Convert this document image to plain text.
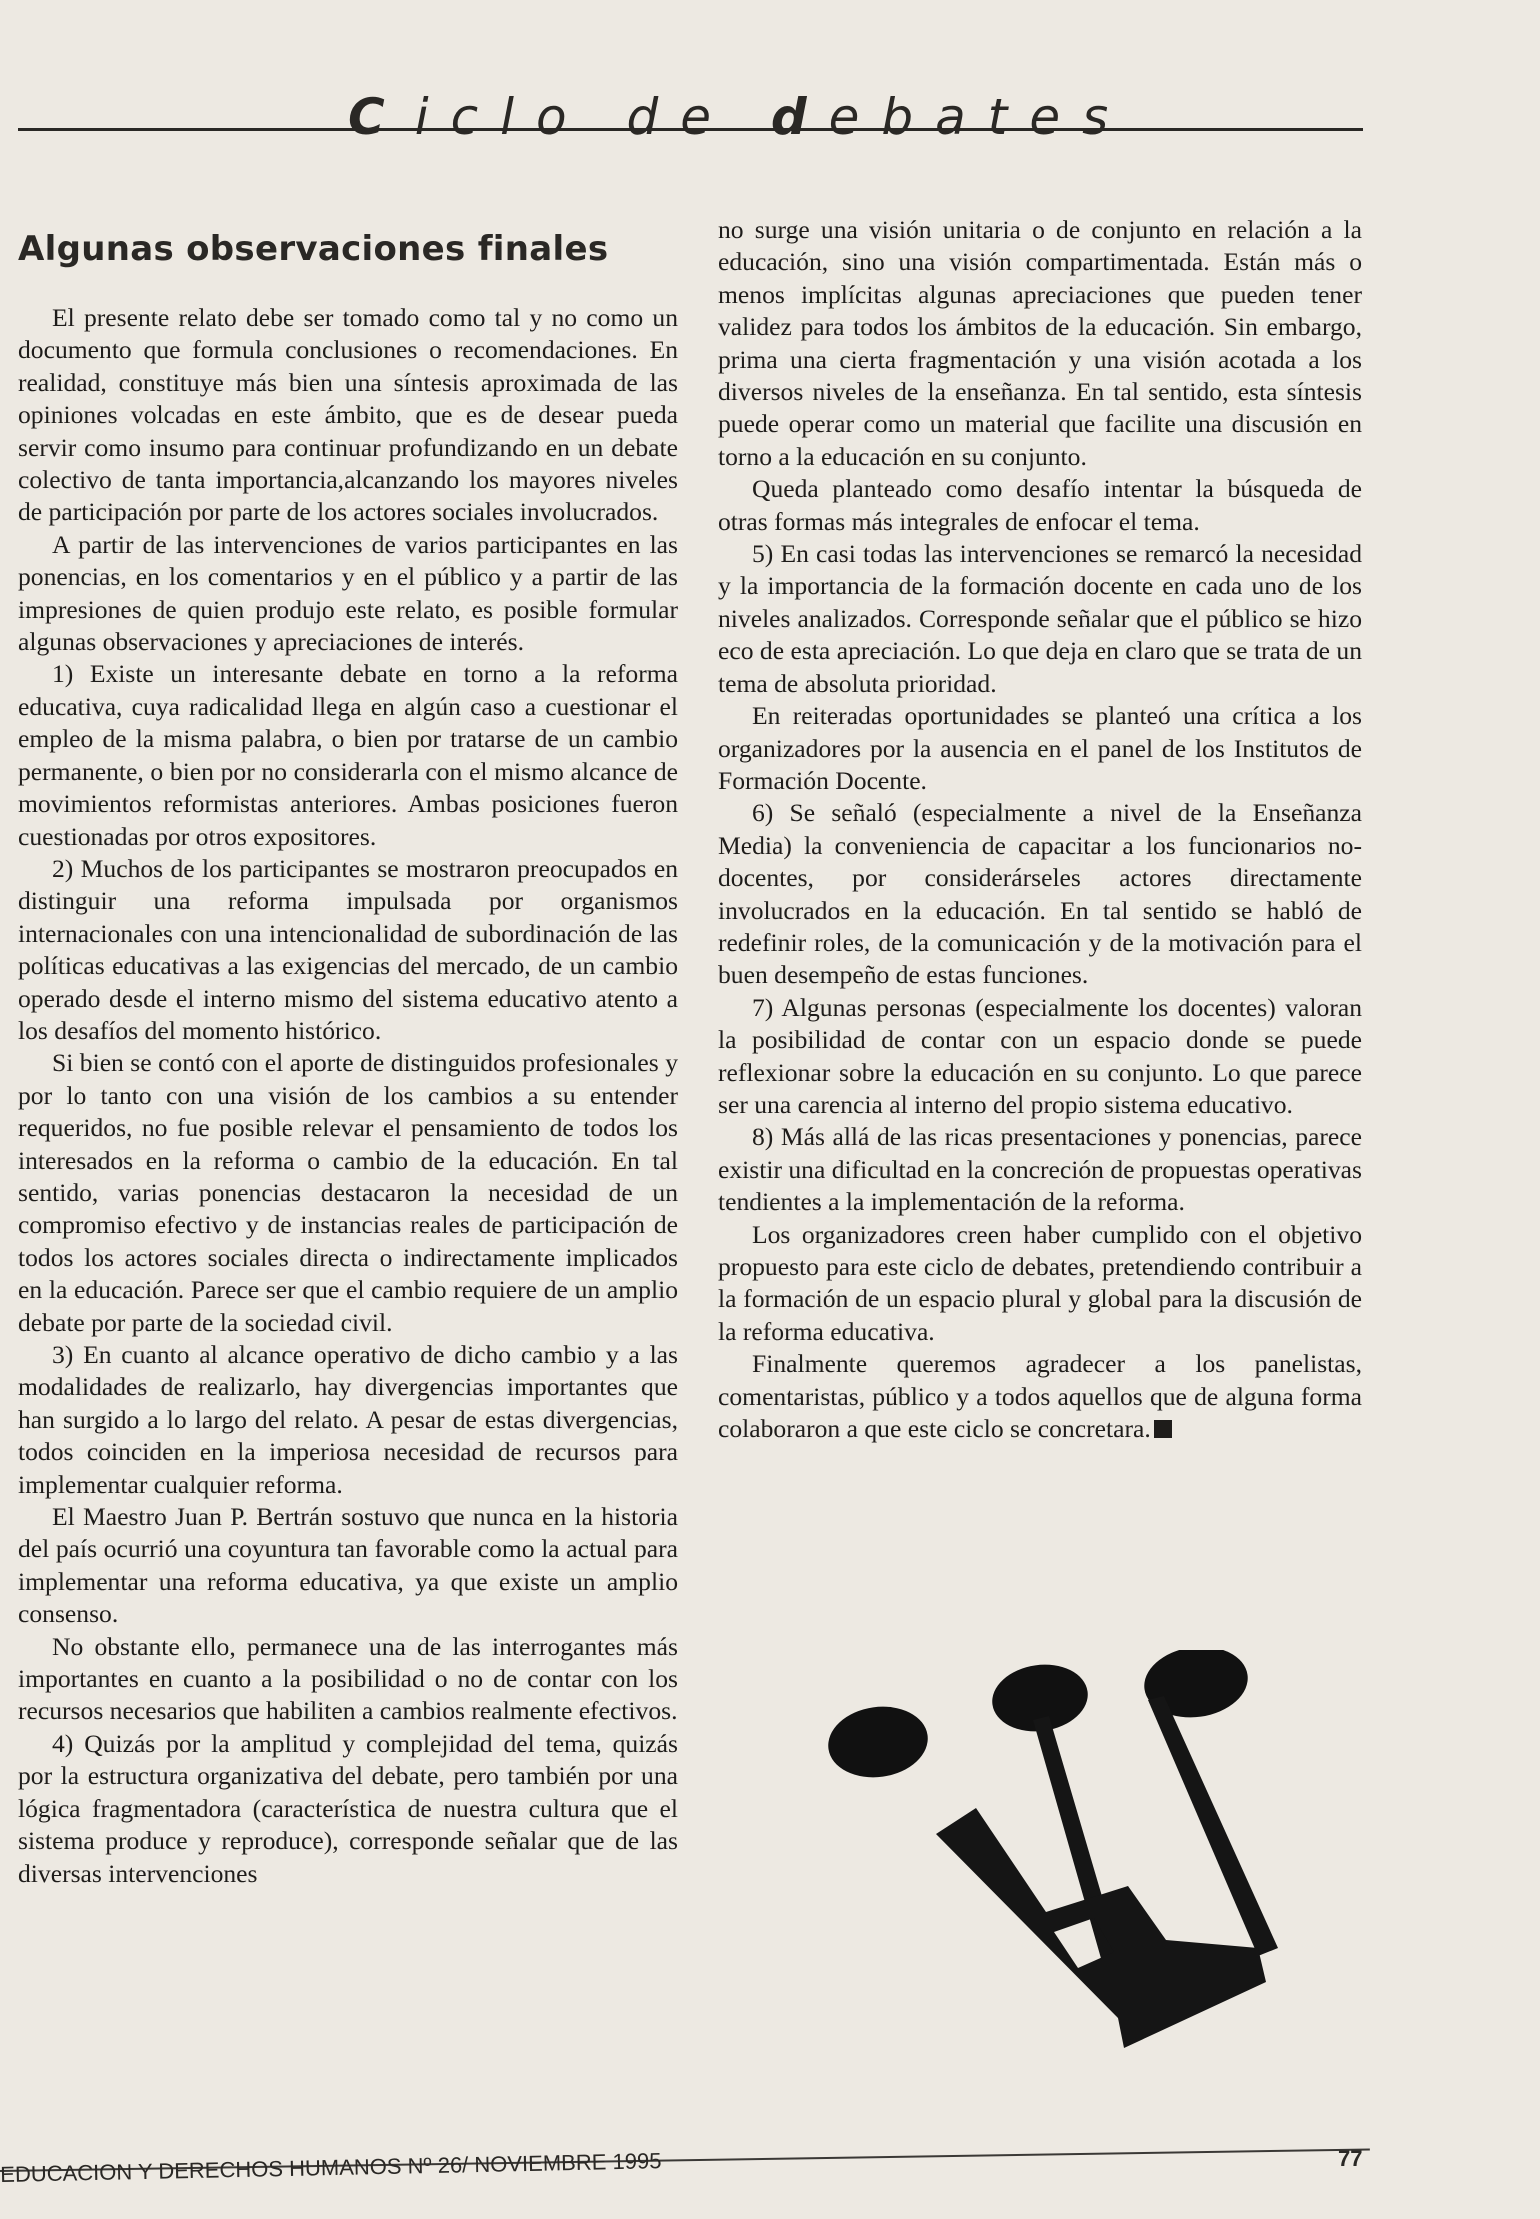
Ciclo de debates
Algunas observaciones finales

El presente relato debe ser tomado como tal y no como un documento que formula conclusiones o recomendaciones. En realidad, constituye más bien una síntesis aproximada de las opiniones volcadas en este ámbito, que es de desear pueda servir como insumo para continuar profundizando en un debate colectivo de tanta importancia,alcanzando los mayores niveles de participación por parte de los actores sociales involucrados.

A partir de las intervenciones de varios participantes en las ponencias, en los comentarios y en el público y a partir de las impresiones de quien produjo este relato, es posible formular algunas observaciones y apreciaciones de interés.

1) Existe un interesante debate en torno a la reforma educativa, cuya radicalidad llega en algún caso a cuestionar el empleo de la misma palabra, o bien por tratarse de un cambio permanente, o bien por no considerarla con el mismo alcance de movimientos reformistas anteriores. Ambas posiciones fueron cuestionadas por otros expositores.

2) Muchos de los participantes se mostraron preocupados en distinguir una reforma impulsada por organismos internacionales con una intencionalidad de subordinación de las políticas educativas a las exigencias del mercado, de un cambio operado desde el interno mismo del sistema educativo atento a los desafíos del momento histórico.

Si bien se contó con el aporte de distinguidos profesionales y por lo tanto con una visión de los cambios a su entender requeridos, no fue posible relevar el pensamiento de todos los interesados en la reforma o cambio de la educación. En tal sentido, varias ponencias destacaron la necesidad de un compromiso efectivo y de instancias reales de participación de todos los actores sociales directa o indirectamente implicados en la educación. Parece ser que el cambio requiere de un amplio debate por parte de la sociedad civil.

3) En cuanto al alcance operativo de dicho cambio y a las modalidades de realizarlo, hay divergencias importantes que han surgido a lo largo del relato. A pesar de estas divergencias, todos coinciden en la imperiosa necesidad de recursos para implementar cualquier reforma.

El Maestro Juan P. Bertrán sostuvo que nunca en la historia del país ocurrió una coyuntura tan favorable como la actual para implementar una reforma educativa, ya que existe un amplio consenso.

No obstante ello, permanece una de las interrogantes más importantes en cuanto a la posibilidad o no de contar con los recursos necesarios que habiliten a cambios realmente efectivos.

4) Quizás por la amplitud y complejidad del tema, quizás por la estructura organizativa del debate, pero también por una lógica fragmentadora (característica de nuestra cultura que el sistema produce y reproduce), corresponde señalar que de las diversas intervenciones

no surge una visión unitaria o de conjunto en relación a la educación, sino una visión compartimentada. Están más o menos implícitas algunas apreciaciones que pueden tener validez para todos los ámbitos de la educación. Sin embargo, prima una cierta fragmentación y una visión acotada a los diversos niveles de la enseñanza. En tal sentido, esta síntesis puede operar como un material que facilite una discusión en torno a la educación en su conjunto.

Queda planteado como desafío intentar la búsqueda de otras formas más integrales de enfocar el tema.

5) En casi todas las intervenciones se remarcó la necesidad y la importancia de la formación docente en cada uno de los niveles analizados. Corresponde señalar que el público se hizo eco de esta apreciación. Lo que deja en claro que se trata de un tema de absoluta prioridad.

En reiteradas oportunidades se planteó una crítica a los organizadores por la ausencia en el panel de los Institutos de Formación Docente.

6) Se señaló (especialmente a nivel de la Enseñanza Media) la conveniencia de capacitar a los funcionarios no-docentes, por considerárseles actores directamente involucrados en la educación. En tal sentido se habló de redefinir roles, de la comunicación y de la motivación para el buen desempeño de estas funciones.

7) Algunas personas (especialmente los docentes) valoran la posibilidad de contar con un espacio donde se puede reflexionar sobre la educación en su conjunto. Lo que parece ser una carencia al interno del propio sistema educativo.

8) Más allá de las ricas presentaciones y ponencias, parece existir una dificultad en la concreción de propuestas operativas tendientes a la implementación de la reforma.

Los organizadores creen haber cumplido con el objetivo propuesto para este ciclo de debates, pretendiendo contribuir a la formación de un espacio plural y global para la discusión de la reforma educativa.

Finalmente queremos agradecer a los panelistas, comentaristas, público y a todos aquellos que de alguna forma colaboraron a que este ciclo se concretara.

EDUCACION Y DERECHOS HUMANOS Nº 26/ NOVIEMBRE 1995	77
